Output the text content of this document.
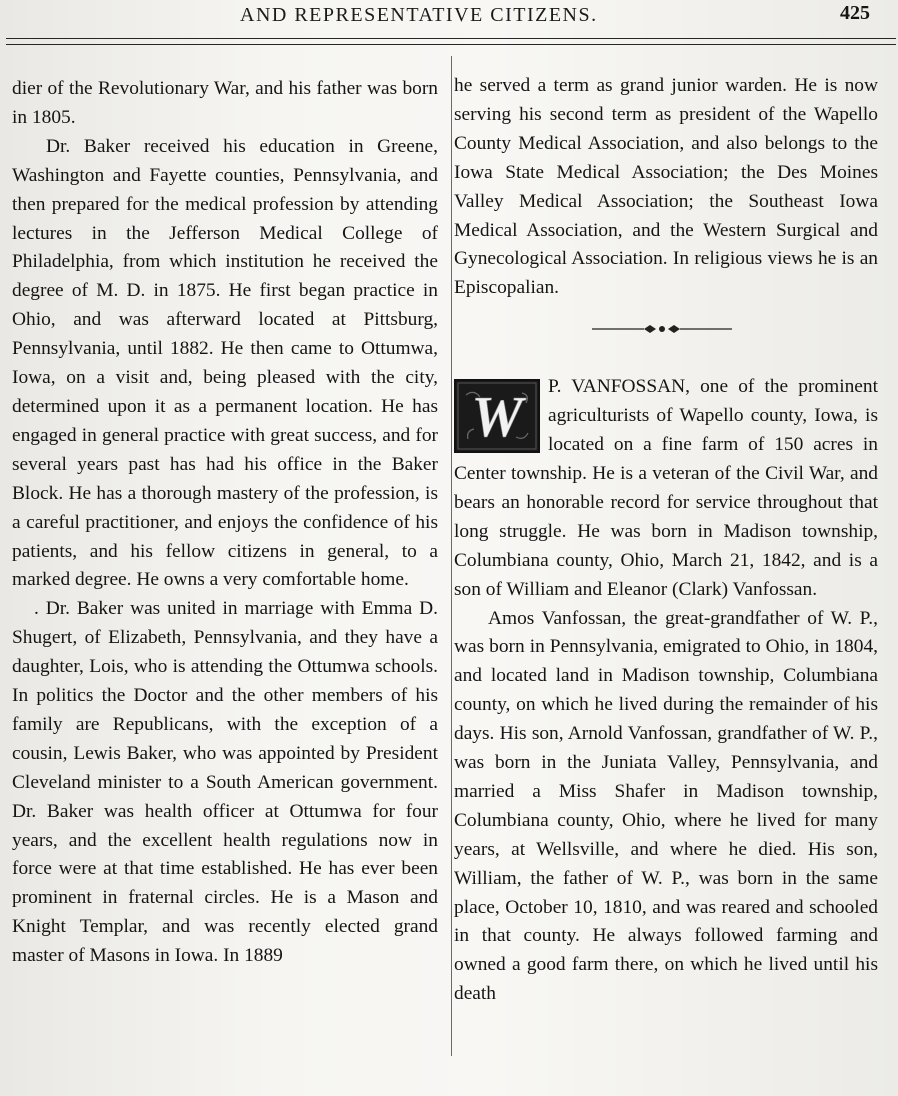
AND REPRESENTATIVE CITIZENS.	425

dier of the Revolutionary War, and his father was born in 1805.

Dr. Baker received his education in Greene, Washington and Fayette counties, Pennsylvania, and then prepared for the medical profession by attending lectures in the Jefferson Medical College of Philadelphia, from which institution he received the degree of M. D. in 1875. He first began practice in Ohio, and was afterward located at Pittsburg, Pennsylvania, until 1882. He then came to Ottumwa, Iowa, on a visit and, being pleased with the city, determined upon it as a permanent location. He has engaged in general practice with great success, and for several years past has had his office in the Baker Block. He has a thorough mastery of the profession, is a careful practitioner, and enjoys the confidence of his patients, and his fellow citizens in general, to a marked degree. He owns a very comfortable home.

. Dr. Baker was united in marriage with Emma D. Shugert, of Elizabeth, Pennsylvania, and they have a daughter, Lois, who is attending the Ottumwa schools. In politics the Doctor and the other members of his family are Republicans, with the exception of a cousin, Lewis Baker, who was appointed by President Cleveland minister to a South American government. Dr. Baker was health officer at Ottumwa for four years, and the excellent health regulations now in force were at that time established. He has ever been prominent in fraternal circles. He is a Mason and Knight Templar, and was recently elected grand master of Masons in Iowa. In 1889

he served a term as grand junior warden. He is now serving his second term as president of the Wapello County Medical Association, and also belongs to the Iowa State Medical Association; the Des Moines Valley Medical Association; the Southeast Iowa Medical Association, and the Western Surgical and Gynecological Association. In religious views he is an Episcopalian.

W	P. VANFOSSAN, one of the prominent agriculturists of Wapello county, Iowa, is located on a fine farm of 150 acres in Center township. He is a veteran of the Civil War, and bears an honorable record for service throughout that long struggle. He was born in Madison township, Columbiana county, Ohio, March 21, 1842, and is a son of William and Eleanor (Clark) Vanfossan.

Amos Vanfossan, the great-grandfather of W. P., was born in Pennsylvania, emigrated to Ohio, in 1804, and located land in Madison township, Columbiana county, on which he lived during the remainder of his days. His son, Arnold Vanfossan, grandfather of W. P., was born in the Juniata Valley, Pennsylvania, and married a Miss Shafer in Madison township, Columbiana county, Ohio, where he lived for many years, at Wellsville, and where he died. His son, William, the father of W. P., was born in the same place, October 10, 1810, and was reared and schooled in that county. He always followed farming and owned a good farm there, on which he lived until his death
